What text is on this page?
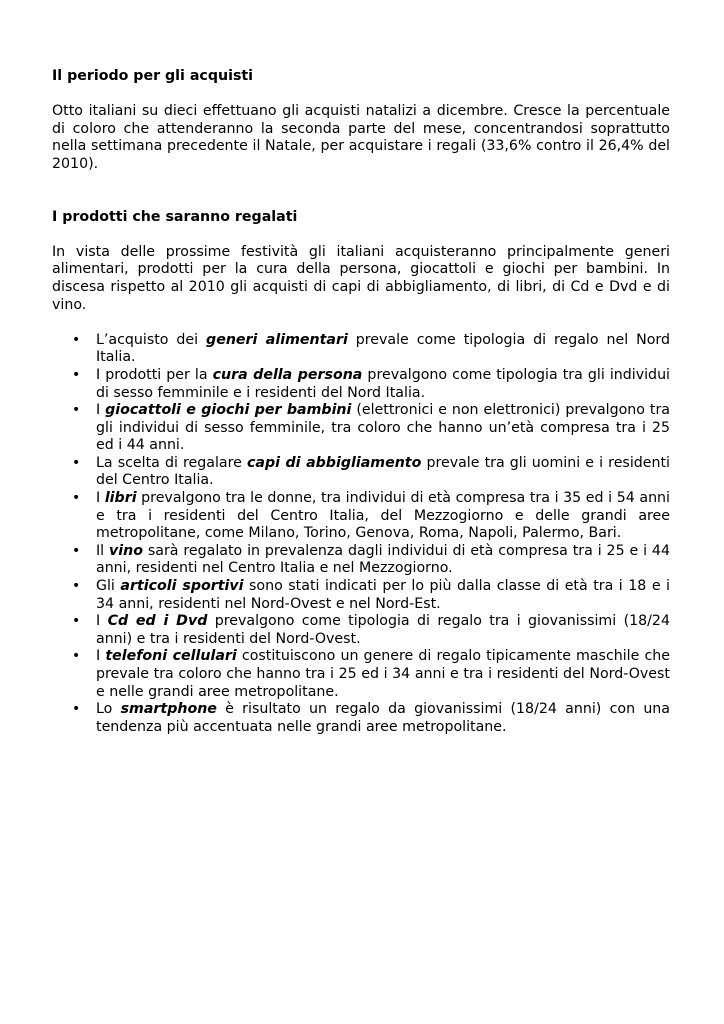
Il periodo per gli acquisti

Otto italiani su dieci effettuano gli acquisti natalizi a dicembre. Cresce la percentuale di coloro che attenderanno la seconda parte del mese, concentrandosi soprattutto nella settimana precedente il Natale, per acquistare i regali (33,6% contro il 26,4% del 2010).

I prodotti che saranno regalati

In vista delle prossime festività gli italiani acquisteranno principalmente generi alimentari, prodotti per la cura della persona, giocattoli e giochi per bambini. In discesa rispetto al 2010 gli acquisti di capi di abbigliamento, di libri, di Cd e Dvd e di vino.

• L’acquisto dei generi alimentari prevale come tipologia di regalo nel Nord Italia.
• I prodotti per la cura della persona prevalgono come tipologia tra gli individui di sesso femminile e i residenti del Nord Italia.
• I giocattoli e giochi per bambini (elettronici e non elettronici) prevalgono tra gli individui di sesso femminile, tra coloro che hanno un’età compresa tra i 25 ed i 44 anni.
• La scelta di regalare capi di abbigliamento prevale tra gli uomini e i residenti del Centro Italia.
• I libri prevalgono tra le donne, tra individui di età compresa tra i 35 ed i 54 anni e tra i residenti del Centro Italia, del Mezzogiorno e delle grandi aree metropolitane, come Milano, Torino, Genova, Roma, Napoli, Palermo, Bari.
• Il vino sarà regalato in prevalenza dagli individui di età compresa tra i 25 e i 44 anni, residenti nel Centro Italia e nel Mezzogiorno.
• Gli articoli sportivi sono stati indicati per lo più dalla classe di età tra i 18 e i 34 anni, residenti nel Nord-Ovest e nel Nord-Est.
• I Cd ed i Dvd prevalgono come tipologia di regalo tra i giovanissimi (18/24 anni) e tra i residenti del Nord-Ovest.
• I telefoni cellulari costituiscono un genere di regalo tipicamente maschile che prevale tra coloro che hanno tra i 25 ed i 34 anni e tra i residenti del Nord-Ovest e nelle grandi aree metropolitane.
• Lo smartphone è risultato un regalo da giovanissimi (18/24 anni) con una tendenza più accentuata nelle grandi aree metropolitane.
